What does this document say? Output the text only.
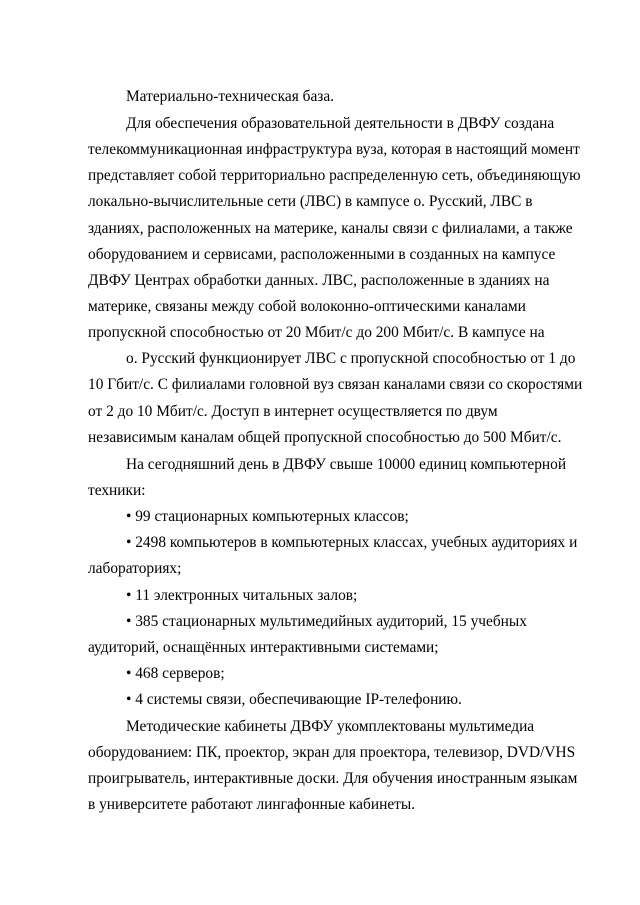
Материально-техническая база.
Для обеспечения образовательной деятельности в ДВФУ создана
телекоммуникационная инфраструктура вуза, которая в настоящий момент
представляет собой территориально распределенную сеть, объединяющую
локально-вычислительные сети (ЛВС) в кампусе о. Русский, ЛВС в
зданиях, расположенных на материке, каналы связи с филиалами, а также
оборудованием и сервисами, расположенными в созданных на кампусе
ДВФУ Центрах обработки данных. ЛВС, расположенные в зданиях на
материке, связаны между собой волоконно-оптическими каналами
пропускной способностью от 20 Мбит/с до 200 Мбит/с. В кампусе на
о. Русский функционирует ЛВС с пропускной способностью от 1 до
10 Гбит/с. С филиалами головной вуз связан каналами связи со скоростями
от 2 до 10 Мбит/с. Доступ в интернет осуществляется по двум
независимым каналам общей пропускной способностью до 500 Мбит/с.
На сегодняшний день в ДВФУ свыше 10000 единиц компьютерной
техники:
• 99 стационарных компьютерных классов;
• 2498 компьютеров в компьютерных классах, учебных аудиториях и
лабораториях;
• 11 электронных читальных залов;
• 385 стационарных мультимедийных аудиторий, 15 учебных
аудиторий, оснащённых интерактивными системами;
• 468 серверов;
• 4 системы связи, обеспечивающие IP-телефонию.
Методические кабинеты ДВФУ укомплектованы мультимедиа
оборудованием: ПК, проектор, экран для проектора, телевизор, DVD/VHS
проигрыватель, интерактивные доски. Для обучения иностранным языкам
в университете работают лингафонные кабинеты.
